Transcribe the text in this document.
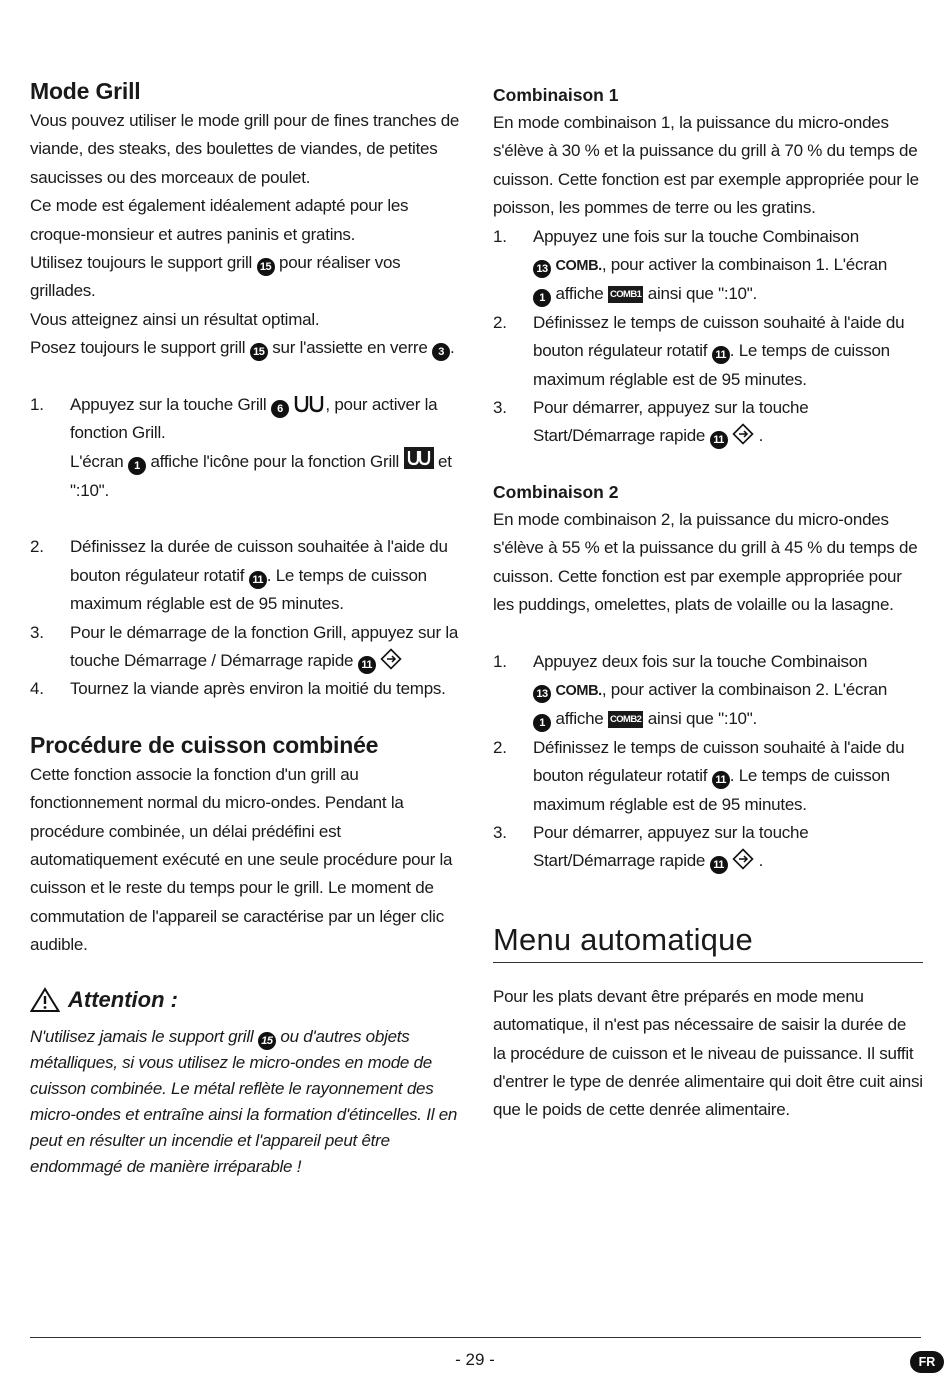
Mode Grill

Vous pouvez utiliser le mode grill pour de fines tranches de viande, des steaks, des boulettes de viandes, de petites saucisses ou des morceaux de poulet.

Ce mode est également idéalement adapté pour les croque-monsieur et autres paninis et gratins.

Utilisez toujours le support grill 15 pour réaliser vos grillades.

Vous atteignez ainsi un résultat optimal.

Posez toujours le support grill 15 sur l'assiette en verre 3 .

1. Appuyez sur la touche Grill 6	, pour activer la fonction Grill.
L'écran 1 affiche l'icône pour la fonction Grill et ":10".
2. Définissez la durée de cuisson souhaitée à l'aide du bouton régulateur rotatif 11 . Le temps de cuisson maximum réglable est de 95 minutes.
3. Pour le démarrage de la fonction Grill, appuyez sur la touche Démarrage / Démarrage rapide 11
4. Tournez la viande après environ la moitié du temps.
Procédure de cuisson combinée

Cette fonction associe la fonction d'un grill au fonctionnement normal du micro-ondes. Pendant la procédure combinée, un délai prédéfini est automatiquement exécuté en une seule procédure pour la cuisson et le reste du temps pour le grill. Le moment de commutation de l'appareil se caractérise par un léger clic audible.

Attention :

N'utilisez jamais le support grill 15 ou d'autres objets métalliques, si vous utilisez le micro-ondes en mode de cuisson combinée. Le métal reflète le rayonnement des micro-ondes et entraîne ainsi la formation d'étincelles. Il en peut en résulter un incendie et l'appareil peut être endommagé de manière irréparable !

Combinaison 1

En mode combinaison 1, la puissance du micro-ondes s'élève à 30 % et la puissance du grill à 70 % du temps de cuisson. Cette fonction est par exemple appropriée pour le poisson, les pommes de terre ou les gratins.

1. Appuyez une fois sur la touche Combinaison
13 COMB., pour activer la combinaison 1. L'écran
1 affiche COMB1 ainsi que ":10".
2. Définissez le temps de cuisson souhaité à l'aide du bouton régulateur rotatif 11 . Le temps de cuisson maximum réglable est de 95 minutes.
3. Pour démarrer, appuyez sur la touche Start/Démarrage rapide 11 .
Combinaison 2

En mode combinaison 2, la puissance du micro-ondes s'élève à 55 % et la puissance du grill à 45 % du temps de cuisson. Cette fonction est par exemple appropriée pour les puddings, omelettes, plats de volaille ou la lasagne.

1. Appuyez deux fois sur la touche Combinaison
13 COMB., pour activer la combinaison 2. L'écran
1 affiche COMB2 ainsi que ":10".
2. Définissez le temps de cuisson souhaité à l'aide du bouton régulateur rotatif 11 . Le temps de cuisson maximum réglable est de 95 minutes.
3. Pour démarrer, appuyez sur la touche Start/Démarrage rapide 11 .
Menu automatique

Pour les plats devant être préparés en mode menu automatique, il n'est pas nécessaire de saisir la durée de la procédure de cuisson et le niveau de puissance. Il suffit d'entrer le type de denrée alimentaire qui doit être cuit ainsi que le poids de cette denrée alimentaire.

- 29 -	FR
